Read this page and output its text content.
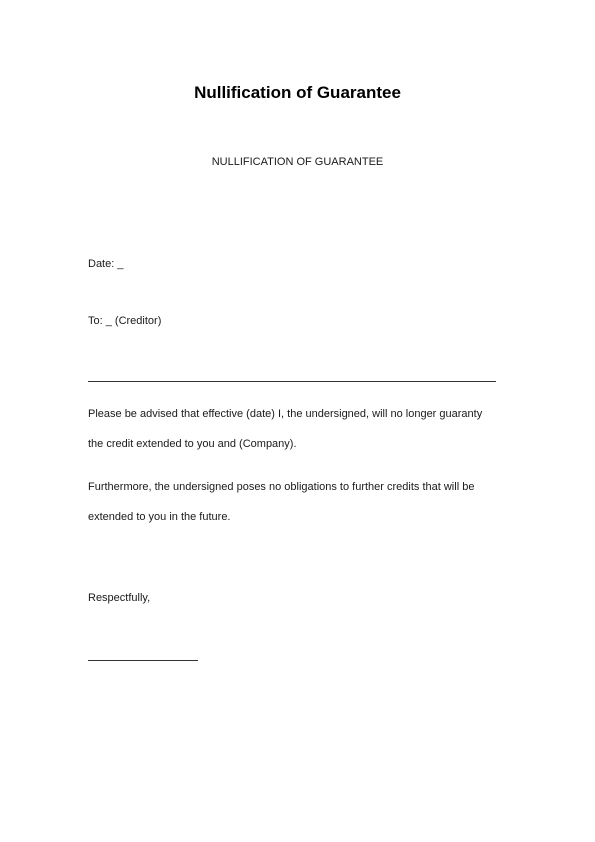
Nullification of Guarantee
NULLIFICATION OF GUARANTEE
Date: _
To: _ (Creditor)
Please be advised that effective (date) I, the undersigned, will no longer guaranty
the credit extended to you and (Company).
Furthermore, the undersigned poses no obligations to further credits that will be
extended to you in the future.
Respectfully,
